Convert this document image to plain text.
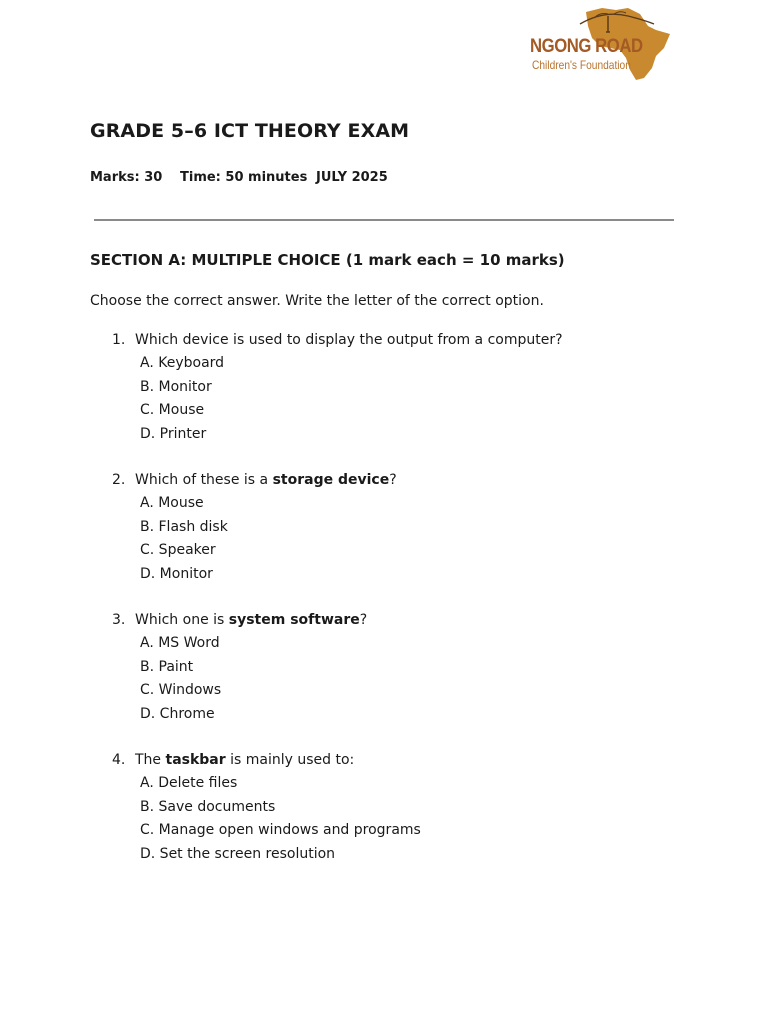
NGONG ROAD
Children's Foundation
GRADE 5–6 ICT THEORY EXAM
Marks: 30	Time: 50 minutes JULY 2025
SECTION A: MULTIPLE CHOICE (1 mark each = 10 marks)
Choose the correct answer. Write the letter of the correct option.
1. Which device is used to display the output from a computer?
A. Keyboard
B. Monitor
C. Mouse
D. Printer
2. Which of these is a storage device?
A. Mouse
B. Flash disk
C. Speaker
D. Monitor
3. Which one is system software?
A. MS Word
B. Paint
C. Windows
D. Chrome
4. The taskbar is mainly used to:
A. Delete files
B. Save documents
C. Manage open windows and programs
D. Set the screen resolution
